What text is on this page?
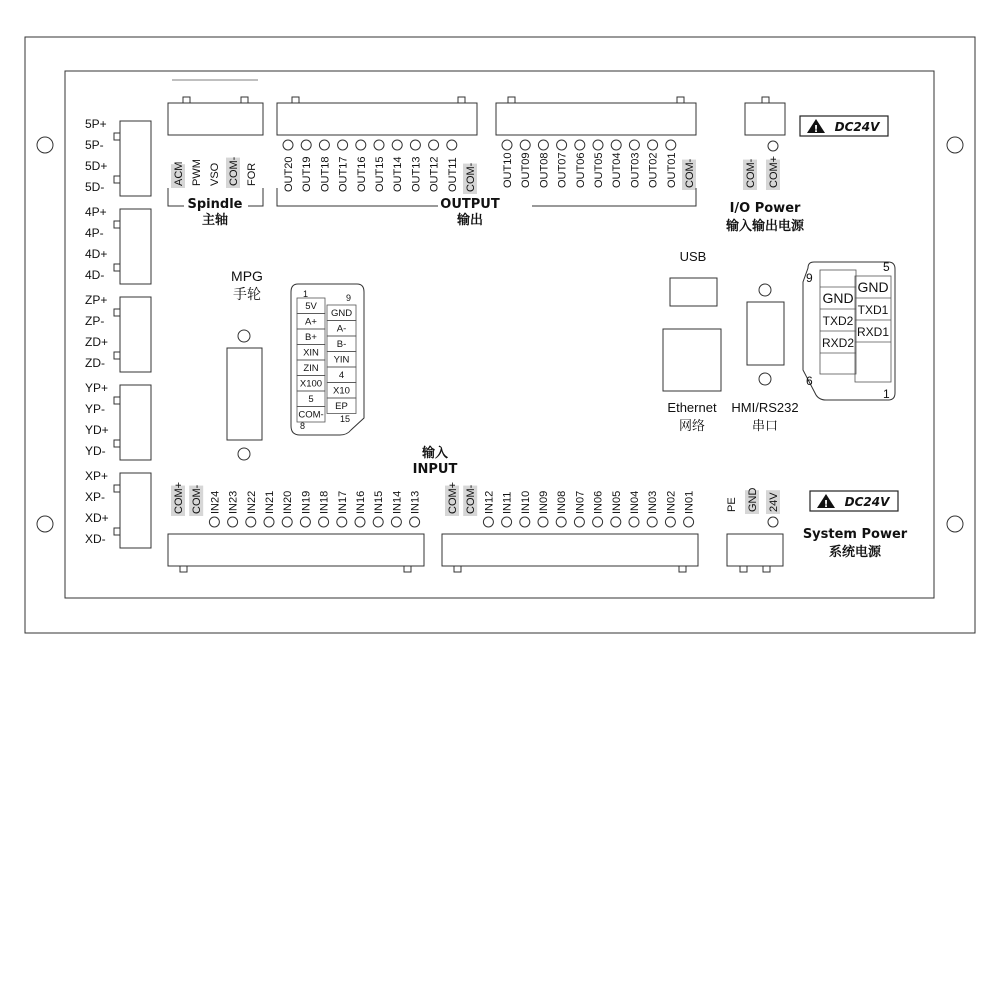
5P+
5P-
5D+
5D-
4P+
4P-
4D+
4D-
ZP+
ZP-
ZD+
ZD-
YP+
YP-
YD+
YD-
XP+
XP-
XD+
XD-
ACM PWM VSO COM- FOR
Spindle
主轴
OUT20 OUT19 OUT18 OUT17 OUT16 OUT15 OUT14 OUT13 OUT12 OUT11 COM- OUT10 OUT09 OUT08 OUT07 OUT06 OUT05 OUT04 OUT03 OUT02 OUT01 COM-
OUTPUT
输出
COM- COM+
! DC24V
I/O Power
输入输出电源
MPG
手轮	1	9
8
15
5V
A+
B+
XIN
ZIN
X100
5
COM-
GND
A-
B-
YIN
4
X10
EP
USB
Ethernet
网络
HMI/RS232
串口
9
5
6
1
GND
TXD2
RXD2
GND
TXD1
RXD1
输入
INPUT
COM+ COM- IN24 IN23 IN22 IN21 IN20 IN19 IN18 IN17 IN16 IN15 IN14 IN13 COM+ COM- IN12 IN11 IN10 IN09 IN08 IN07 IN06 IN05 IN04 IN03 IN02 IN01	PE GND 24V	! DC24V
System Power
系统电源
